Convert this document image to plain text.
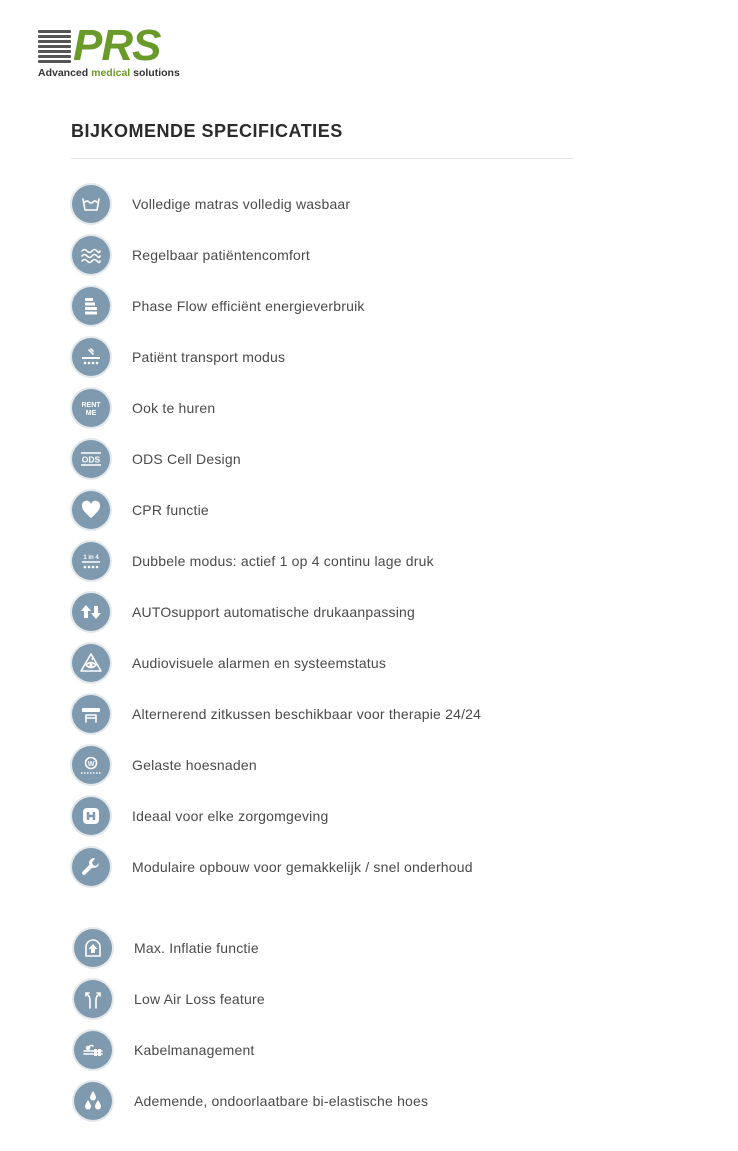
PRS
Advanced medical solutions
BIJKOMENDE SPECIFICATIES
Volledige matras volledig wasbaar
Regelbaar patiëntencomfort
Phase Flow efficiënt energieverbruik
Patiënt transport modus
RENT
ME	Ook te huren
ODS ODS Cell Design
CPR functie
1 in 4 Dubbele modus: actief 1 op 4 continu lage druk
AUTOsupport automatische drukaanpassing
Audiovisuele alarmen en systeemstatus
Alternerend zitkussen beschikbaar voor therapie 24/24
W	Gelaste hoesnaden
Ideaal voor elke zorgomgeving
Modulaire opbouw voor gemakkelijk / snel onderhoud
Max. Inflatie functie
Low Air Loss feature
Kabelmanagement
Ademende, ondoorlaatbare bi-elastische hoes
